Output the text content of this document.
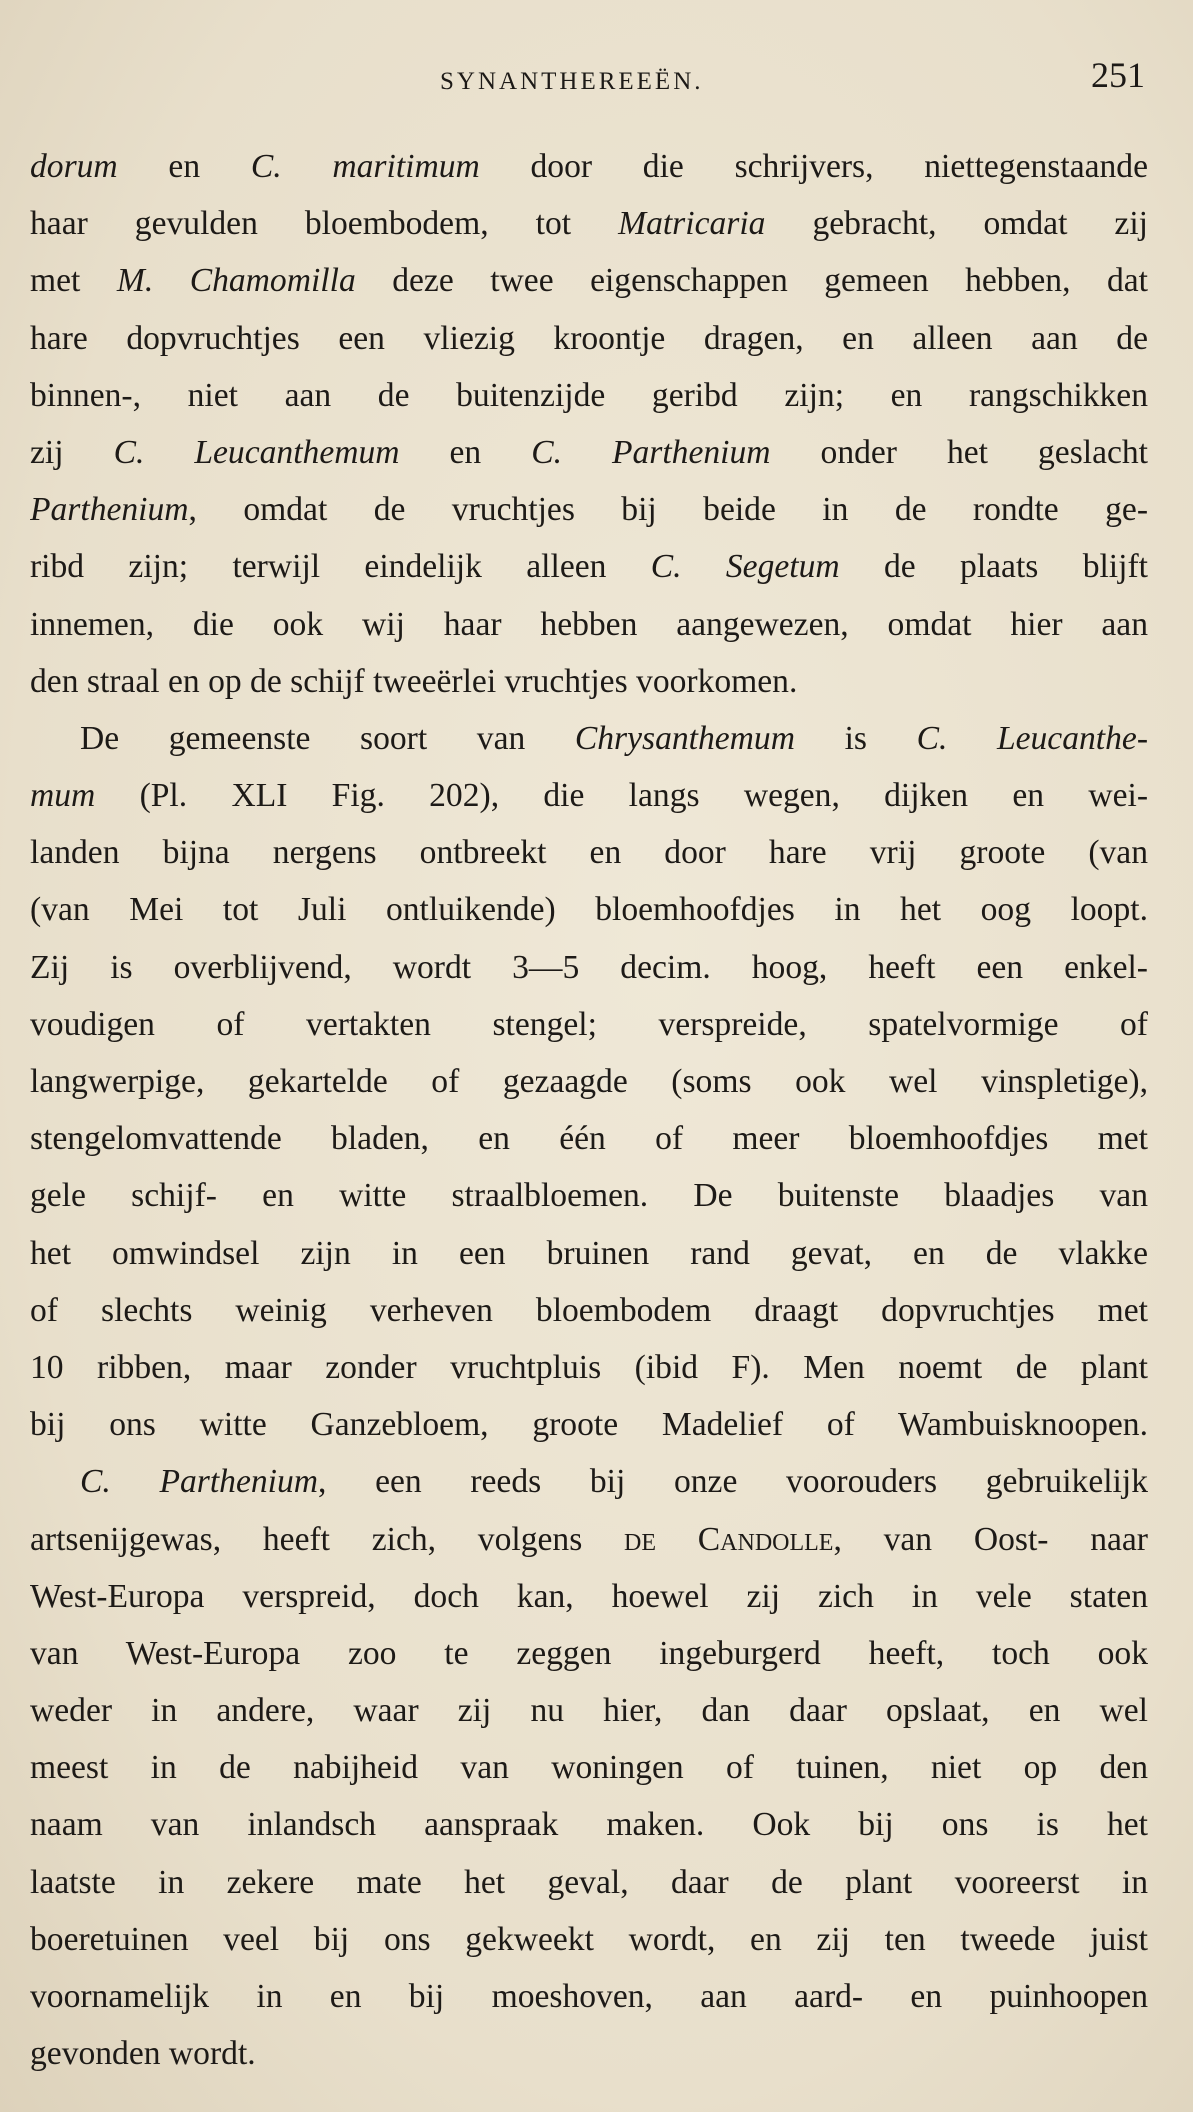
SYNANTHEREEËN.	251
dorum en C. maritimum door die schrijvers, niettegenstaande
haar gevulden bloembodem, tot Matricaria gebracht, omdat zij
met M. Chamomilla deze twee eigenschappen gemeen hebben, dat
hare dopvruchtjes een vliezig kroontje dragen, en alleen aan de
binnen-, niet aan de buitenzijde geribd zijn; en rangschikken
zij C. Leucanthemum en C. Parthenium onder het geslacht
Parthenium, omdat de vruchtjes bij beide in de rondte ge-
ribd zijn; terwijl eindelijk alleen C. Segetum de plaats blijft
innemen, die ook wij haar hebben aangewezen, omdat hier aan
den straal en op de schijf tweeërlei vruchtjes voorkomen.
De gemeenste soort van Chrysanthemum is C. Leucanthe-
mum (Pl. XLI Fig. 202), die langs wegen, dijken en wei-
landen bijna nergens ontbreekt en door hare vrij groote (van
(van Mei tot Juli ontluikende) bloemhoofdjes in het oog loopt.
Zij is overblijvend, wordt 3—5 decim. hoog, heeft een enkel-
voudigen of vertakten stengel; verspreide, spatelvormige of
langwerpige, gekartelde of gezaagde (soms ook wel vinspletige),
stengelomvattende bladen, en één of meer bloemhoofdjes met
gele schijf- en witte straalbloemen. De buitenste blaadjes van
het omwindsel zijn in een bruinen rand gevat, en de vlakke
of slechts weinig verheven bloembodem draagt dopvruchtjes met
10 ribben, maar zonder vruchtpluis (ibid F). Men noemt de plant
bij ons witte Ganzebloem, groote Madelief of Wambuisknoopen.
C. Parthenium, een reeds bij onze voorouders gebruikelijk
artsenijgewas, heeft zich, volgens de Candolle, van Oost- naar
West-Europa verspreid, doch kan, hoewel zij zich in vele staten
van West-Europa zoo te zeggen ingeburgerd heeft, toch ook
weder in andere, waar zij nu hier, dan daar opslaat, en wel
meest in de nabijheid van woningen of tuinen, niet op den
naam van inlandsch aanspraak maken. Ook bij ons is het
laatste in zekere mate het geval, daar de plant vooreerst in
boeretuinen veel bij ons gekweekt wordt, en zij ten tweede juist
voornamelijk in en bij moeshoven, aan aard- en puinhoopen
gevonden wordt.
